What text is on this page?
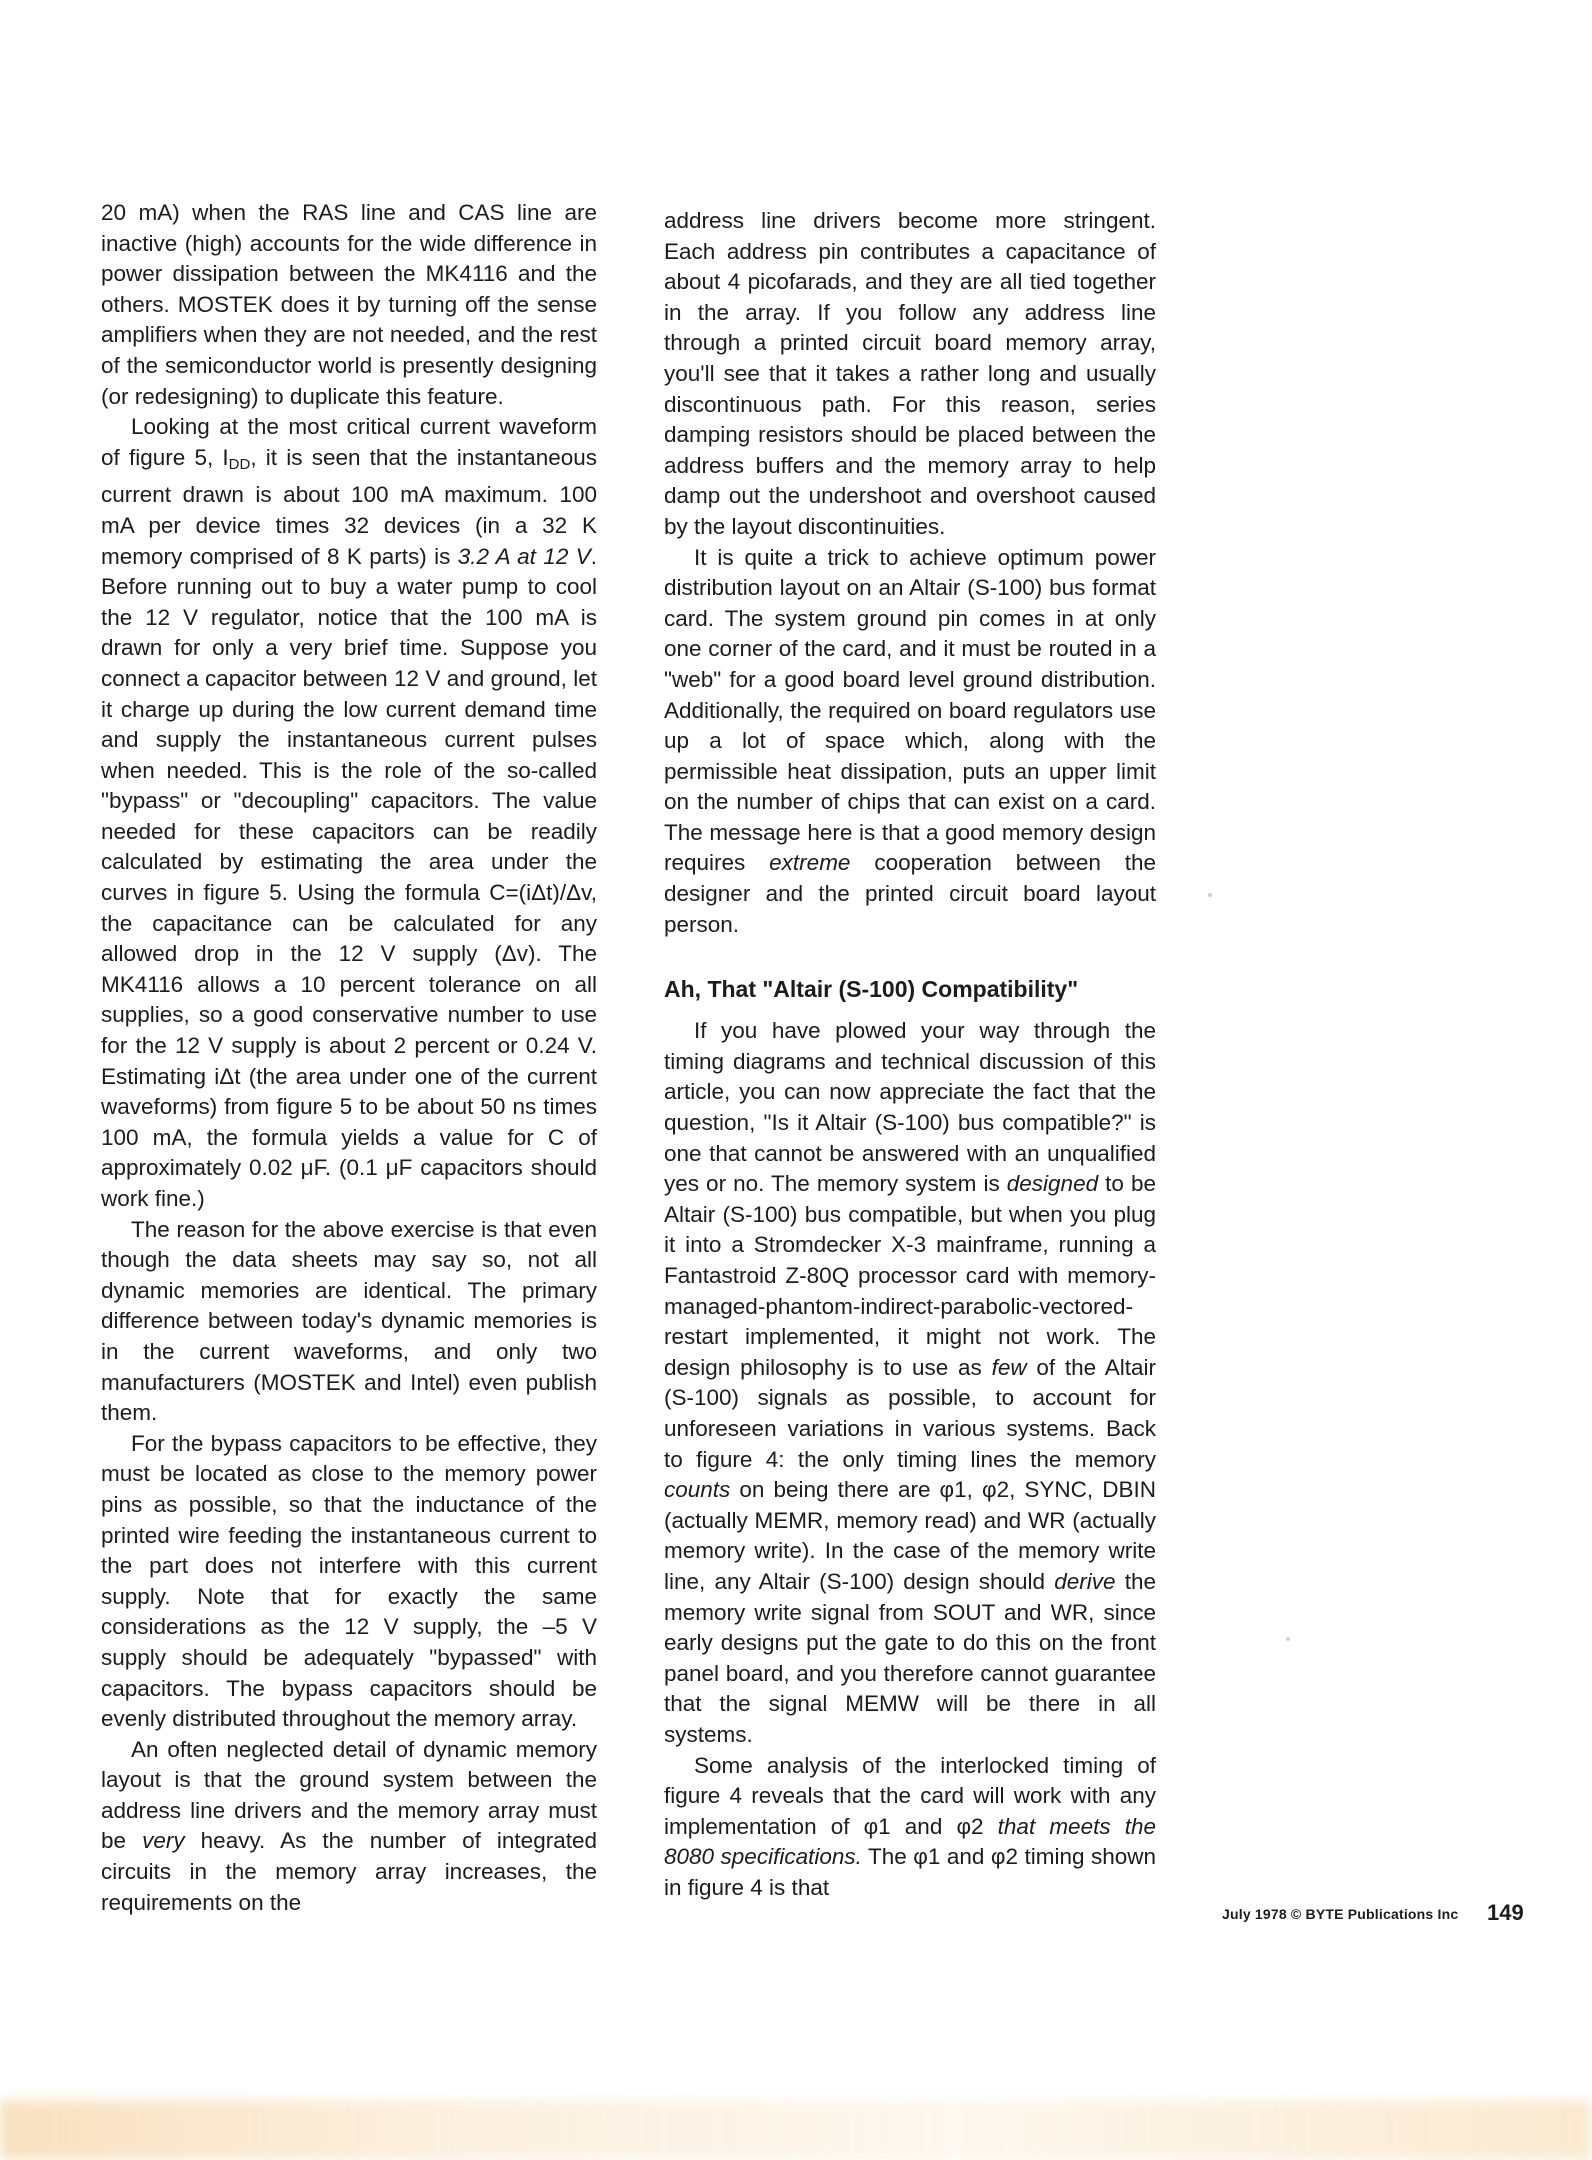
20 mA) when the RAS line and CAS line are inactive (high) accounts for the wide difference in power dissipation between the MK4116 and the others. MOSTEK does it by turning off the sense amplifiers when they are not needed, and the rest of the semiconductor world is presently designing (or redesigning) to duplicate this feature.

Looking at the most critical current waveform of figure 5, $I_{DD}$, it is seen that the instantaneous current drawn is about 100 mA maximum. 100 mA per device times 32 devices (in a 32 K memory comprised of 8 K parts) is 3.2 A at 12 V. Before running out to buy a water pump to cool the 12 V regulator, notice that the 100 mA is drawn for only a very brief time. Suppose you connect a capacitor between 12 V and ground, let it charge up during the low current demand time and supply the instantaneous current pulses when needed. This is the role of the so-called "bypass" or "decoupling" capacitors. The value needed for these capacitors can be readily calculated by estimating the area under the curves in figure 5. Using the formula C=(iΔt)/Δv, the capacitance can be calculated for any allowed drop in the 12 V supply (Δv). The MK4116 allows a 10 percent tolerance on all supplies, so a good conservative number to use for the 12 V supply is about 2 percent or 0.24 V. Estimating iΔt (the area under one of the current waveforms) from figure 5 to be about 50 ns times 100 mA, the formula yields a value for C of approximately 0.02 μF. (0.1 μF capacitors should work fine.)

The reason for the above exercise is that even though the data sheets may say so, not all dynamic memories are identical. The primary difference between today's dynamic memories is in the current waveforms, and only two manufacturers (MOSTEK and Intel) even publish them.

For the bypass capacitors to be effective, they must be located as close to the memory power pins as possible, so that the inductance of the printed wire feeding the instantaneous current to the part does not interfere with this current supply. Note that for exactly the same considerations as the 12 V supply, the –5 V supply should be adequately "bypassed" with capacitors. The bypass capacitors should be evenly distributed throughout the memory array.

An often neglected detail of dynamic memory layout is that the ground system between the address line drivers and the memory array must be very heavy. As the number of integrated circuits in the memory array increases, the requirements on the

address line drivers become more stringent. Each address pin contributes a capacitance of about 4 picofarads, and they are all tied together in the array. If you follow any address line through a printed circuit board memory array, you'll see that it takes a rather long and usually discontinuous path. For this reason, series damping resistors should be placed between the address buffers and the memory array to help damp out the undershoot and overshoot caused by the layout discontinuities.

It is quite a trick to achieve optimum power distribution layout on an Altair (S-100) bus format card. The system ground pin comes in at only one corner of the card, and it must be routed in a "web" for a good board level ground distribution. Additionally, the required on board regulators use up a lot of space which, along with the permissible heat dissipation, puts an upper limit on the number of chips that can exist on a card. The message here is that a good memory design requires extreme cooperation between the designer and the printed circuit board layout person.

Ah, That "Altair (S-100) Compatibility"

If you have plowed your way through the timing diagrams and technical discussion of this article, you can now appreciate the fact that the question, "Is it Altair (S-100) bus compatible?" is one that cannot be answered with an unqualified yes or no. The memory system is designed to be Altair (S-100) bus compatible, but when you plug it into a Stromdecker X-3 mainframe, running a Fantastroid Z-80Q processor card with memory-managed-phantom-indirect-parabolic-vectored-restart implemented, it might not work. The design philosophy is to use as few of the Altair (S-100) signals as possible, to account for unforeseen variations in various systems. Back to figure 4: the only timing lines the memory counts on being there are φ1, φ2, SYNC, DBIN (actually MEMR, memory read) and WR (actually memory write). In the case of the memory write line, any Altair (S-100) design should derive the memory write signal from SOUT and WR, since early designs put the gate to do this on the front panel board, and you therefore cannot guarantee that the signal MEMW will be there in all systems.

Some analysis of the interlocked timing of figure 4 reveals that the card will work with any implementation of φ1 and φ2 that meets the 8080 specifications. The φ1 and φ2 timing shown in figure 4 is that

July 1978 © BYTE Publications Inc 149
